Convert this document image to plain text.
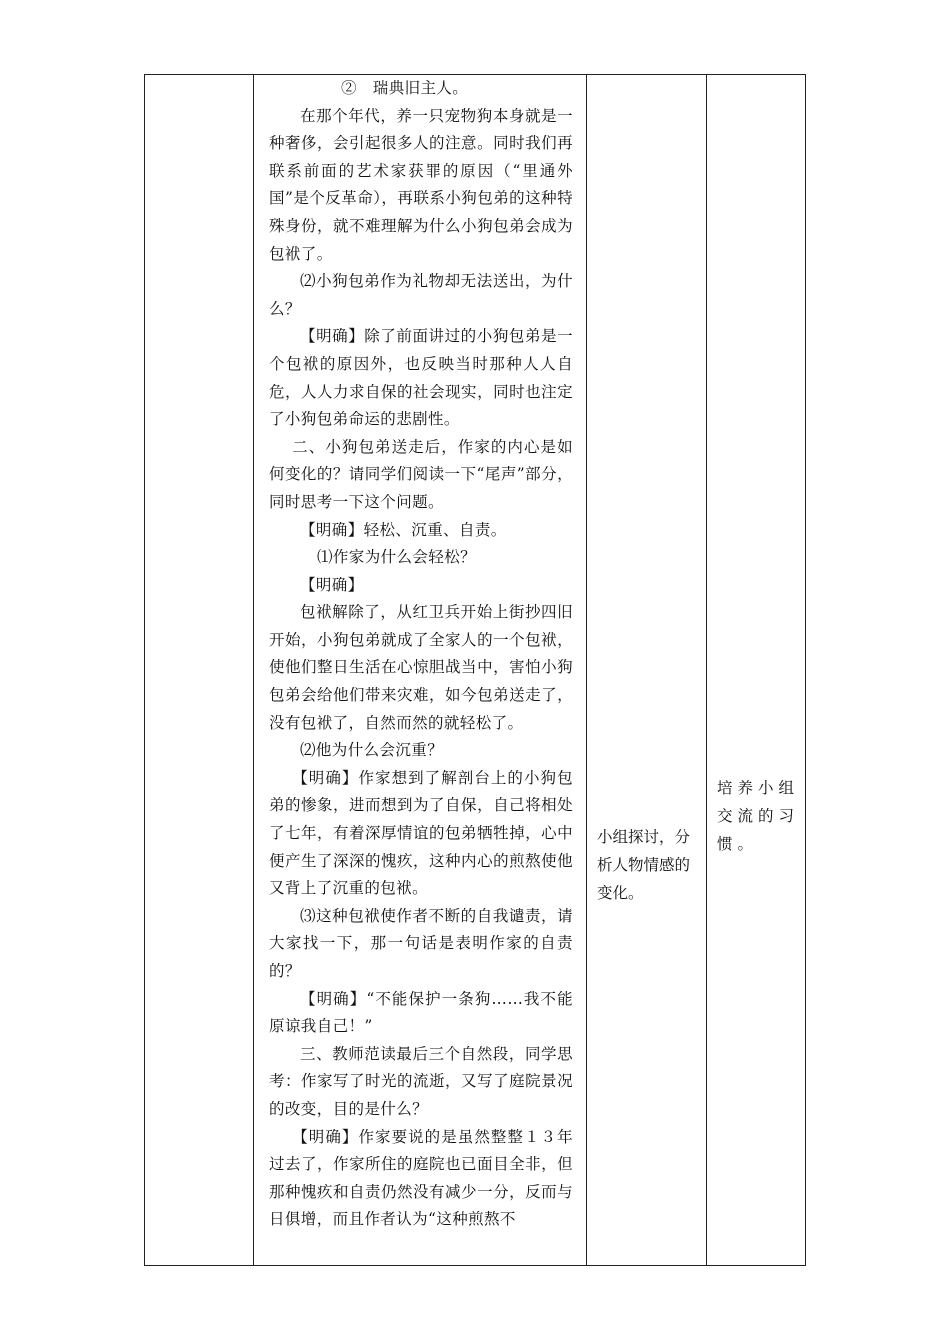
②　瑞典旧主人。

在那个年代，养一只宠物狗本身就是一种奢侈，会引起很多人的注意。同时我们再联系前面的艺术家获罪的原因（“里通外国”是个反革命），再联系小狗包弟的这种特殊身份，就不难理解为什么小狗包弟会成为包袱了。

⑵小狗包弟作为礼物却无法送出，为什么？

【明确】除了前面讲过的小狗包弟是一个包袱的原因外，也反映当时那种人人自危，人人力求自保的社会现实，同时也注定了小狗包弟命运的悲剧性。

二、小狗包弟送走后，作家的内心是如何变化的？请同学们阅读一下“尾声”部分，同时思考一下这个问题。

【明确】轻松、沉重、自责。

⑴作家为什么会轻松？

【明确】

包袱解除了，从红卫兵开始上街抄四旧开始，小狗包弟就成了全家人的一个包袱，使他们整日生活在心惊胆战当中，害怕小狗包弟会给他们带来灾难，如今包弟送走了，没有包袱了，自然而然的就轻松了。

⑵他为什么会沉重？

【明确】作家想到了解剖台上的小狗包弟的惨象，进而想到为了自保，自己将相处了七年，有着深厚情谊的包弟牺牲掉，心中便产生了深深的愧疚，这种内心的煎熬使他又背上了沉重的包袱。

⑶这种包袱使作者不断的自我谴责，请大家找一下，那一句话是表明作家的自责的？

【明确】“不能保护一条狗……我不能原谅我自己！”

三、教师范读最后三个自然段，同学思考：作家写了时光的流逝，又写了庭院景况的改变，目的是什么？

【明确】作家要说的是虽然整整１３年过去了，作家所住的庭院也已面目全非，但那种愧疚和自责仍然没有减少一分，反而与日俱增，而且作者认为“这种煎熬不

小组探讨，分析人物情感的变化。

培养小组交流的习惯。
